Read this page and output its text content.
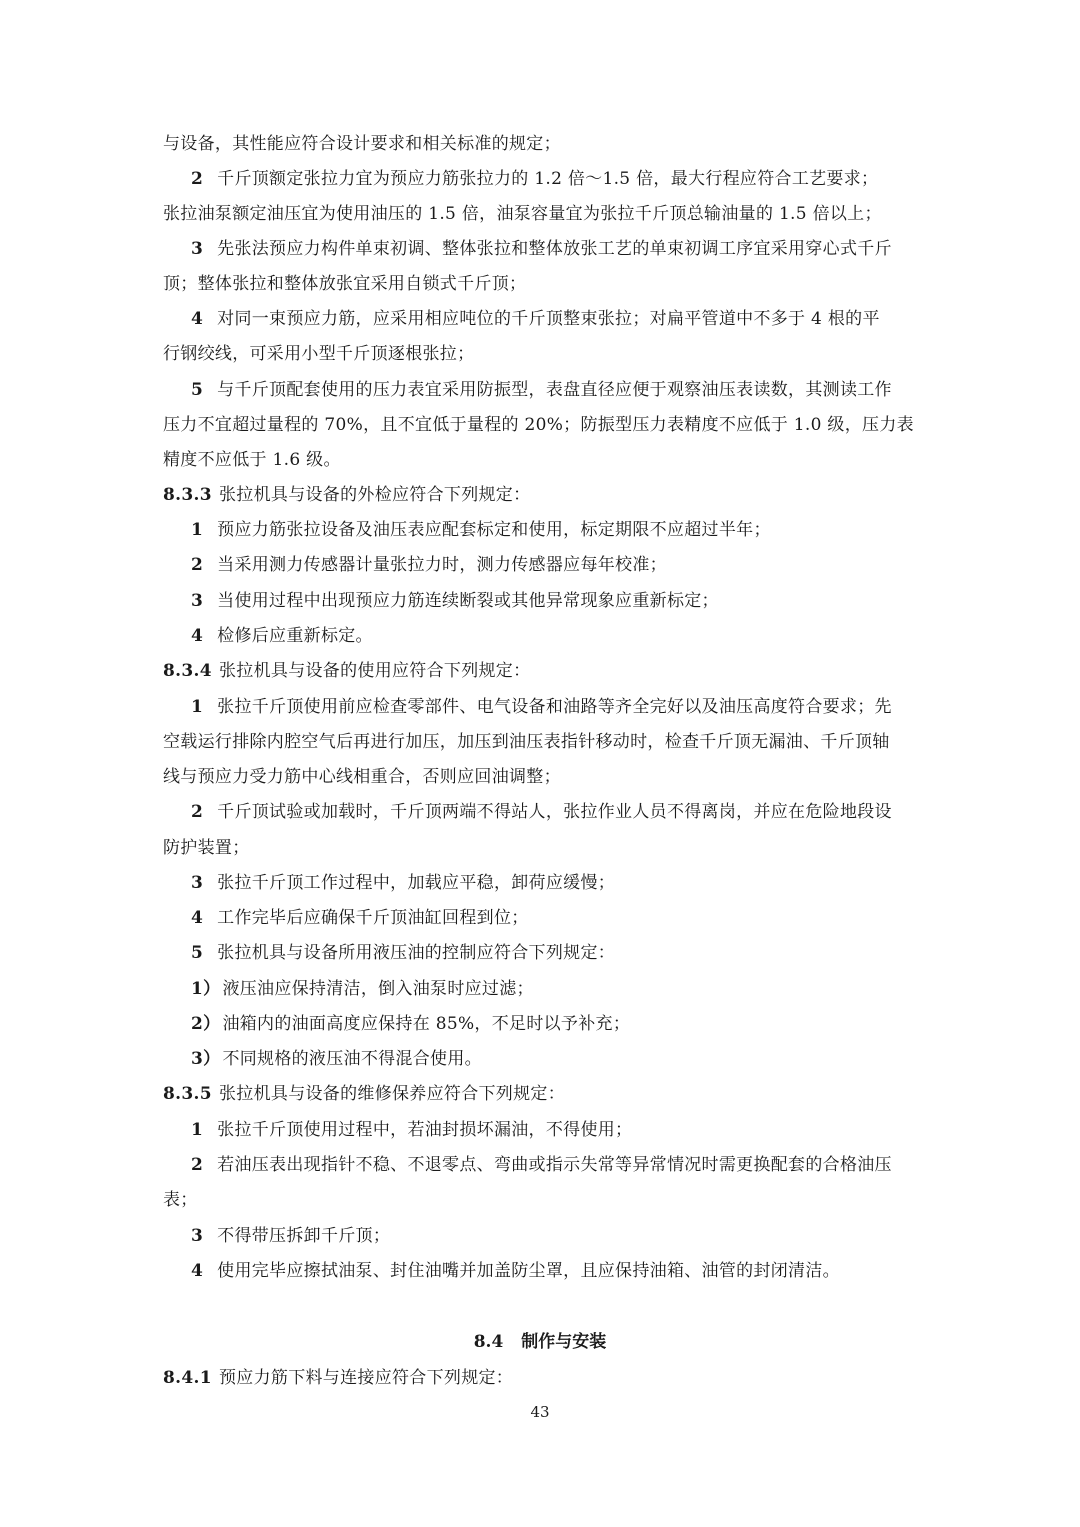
与设备，其性能应符合设计要求和相关标准的规定；
2 千斤顶额定张拉力宜为预应力筋张拉力的 1.2 倍～1.5 倍，最大行程应符合工艺要求；
张拉油泵额定油压宜为使用油压的 1.5 倍，油泵容量宜为张拉千斤顶总输油量的 1.5 倍以上；
3 先张法预应力构件单束初调、整体张拉和整体放张工艺的单束初调工序宜采用穿心式千斤
顶；整体张拉和整体放张宜采用自锁式千斤顶；
4 对同一束预应力筋，应采用相应吨位的千斤顶整束张拉；对扁平管道中不多于 4 根的平
行钢绞线，可采用小型千斤顶逐根张拉；
5 与千斤顶配套使用的压力表宜采用防振型，表盘直径应便于观察油压表读数，其测读工作
压力不宜超过量程的 70%，且不宜低于量程的 20%；防振型压力表精度不应低于 1.0 级，压力表
精度不应低于 1.6 级。
8.3.3 张拉机具与设备的外检应符合下列规定：
1 预应力筋张拉设备及油压表应配套标定和使用，标定期限不应超过半年；
2 当采用测力传感器计量张拉力时，测力传感器应每年校准；
3 当使用过程中出现预应力筋连续断裂或其他异常现象应重新标定；
4 检修后应重新标定。
8.3.4 张拉机具与设备的使用应符合下列规定：
1 张拉千斤顶使用前应检查零部件、电气设备和油路等齐全完好以及油压高度符合要求；先
空载运行排除内腔空气后再进行加压，加压到油压表指针移动时，检查千斤顶无漏油、千斤顶轴
线与预应力受力筋中心线相重合，否则应回油调整；
2 千斤顶试验或加载时，千斤顶两端不得站人，张拉作业人员不得离岗，并应在危险地段设
防护装置；
3 张拉千斤顶工作过程中，加载应平稳，卸荷应缓慢；
4 工作完毕后应确保千斤顶油缸回程到位；
5 张拉机具与设备所用液压油的控制应符合下列规定：
1） 液压油应保持清洁，倒入油泵时应过滤；
2） 油箱内的油面高度应保持在 85%，不足时以予补充；
3） 不同规格的液压油不得混合使用。
8.3.5 张拉机具与设备的维修保养应符合下列规定：
1 张拉千斤顶使用过程中，若油封损坏漏油，不得使用；
2 若油压表出现指针不稳、不退零点、弯曲或指示失常等异常情况时需更换配套的合格油压
表；
3 不得带压拆卸千斤顶；
4 使用完毕应擦拭油泵、封住油嘴并加盖防尘罩，且应保持油箱、油管的封闭清洁。
8.4 制作与安装
8.4.1 预应力筋下料与连接应符合下列规定：
43
